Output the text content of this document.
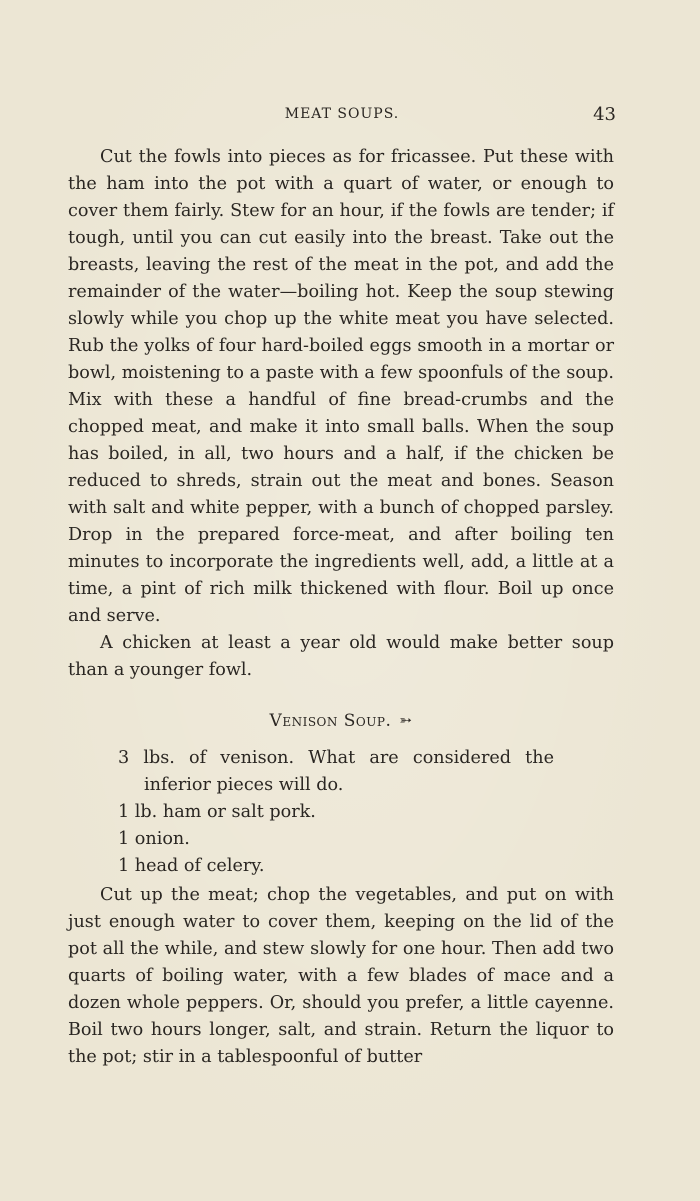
MEAT SOUPS.	43

Cut the fowls into pieces as for fricassee. Put these with the ham into the pot with a quart of water, or enough to cover them fairly. Stew for an hour, if the fowls are tender; if tough, until you can cut easily into the breast. Take out the breasts, leaving the rest of the meat in the pot, and add the remainder of the water—boiling hot. Keep the soup stewing slowly while you chop up the white meat you have selected. Rub the yolks of four hard-boiled eggs smooth in a mortar or bowl, moistening to a paste with a few spoonfuls of the soup. Mix with these a handful of fine bread-crumbs and the chopped meat, and make it into small balls. When the soup has boiled, in all, two hours and a half, if the chicken be reduced to shreds, strain out the meat and bones. Season with salt and white pepper, with a bunch of chopped parsley. Drop in the prepared force-meat, and after boiling ten minutes to incorporate the ingredients well, add, a little at a time, a pint of rich milk thickened with flour. Boil up once and serve.

A chicken at least a year old would make better soup than a younger fowl.

Venison Soup. ➳
3 lbs. of venison. What are considered the inferior pieces will do.
1 lb. ham or salt pork.
1 onion.
1 head of celery.

Cut up the meat; chop the vegetables, and put on with just enough water to cover them, keeping on the lid of the pot all the while, and stew slowly for one hour. Then add two quarts of boiling water, with a few blades of mace and a dozen whole peppers. Or, should you prefer, a little cayenne. Boil two hours longer, salt, and strain. Return the liquor to the pot; stir in a tablespoonful of butter
